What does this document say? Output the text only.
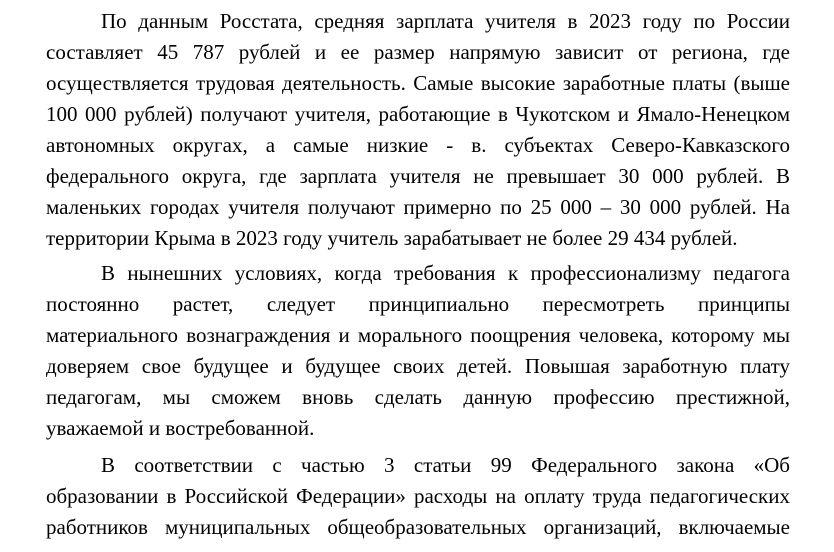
По данным Росстата, средняя зарплата учителя в 2023 году по России
составляет 45 787 рублей и ее размер напрямую зависит от региона, где
осуществляется трудовая деятельность. Самые высокие заработные платы (выше
100 000 рублей) получают учителя, работающие в Чукотском и Ямало-Ненецком
автономных округах, а самые низкие - в. субъектах Северо-Кавказского
федерального округа, где зарплата учителя не превышает 30 000 рублей. В
маленьких городах учителя получают примерно по 25 000 – 30 000 рублей. На
территории Крыма в 2023 году учитель зарабатывает не более 29 434 рублей.
В нынешних условиях, когда требования к профессионализму педагога
постоянно растет, следует принципиально пересмотреть принципы
материального вознаграждения и морального поощрения человека, которому мы
доверяем свое будущее и будущее своих детей. Повышая заработную плату
педагогам, мы сможем вновь сделать данную профессию престижной,
уважаемой и востребованной.
В соответствии с частью 3 статьи 99 Федерального закона «Об
образовании в Российской Федерации» расходы на оплату труда педагогических
работников муниципальных общеобразовательных организаций, включаемые
